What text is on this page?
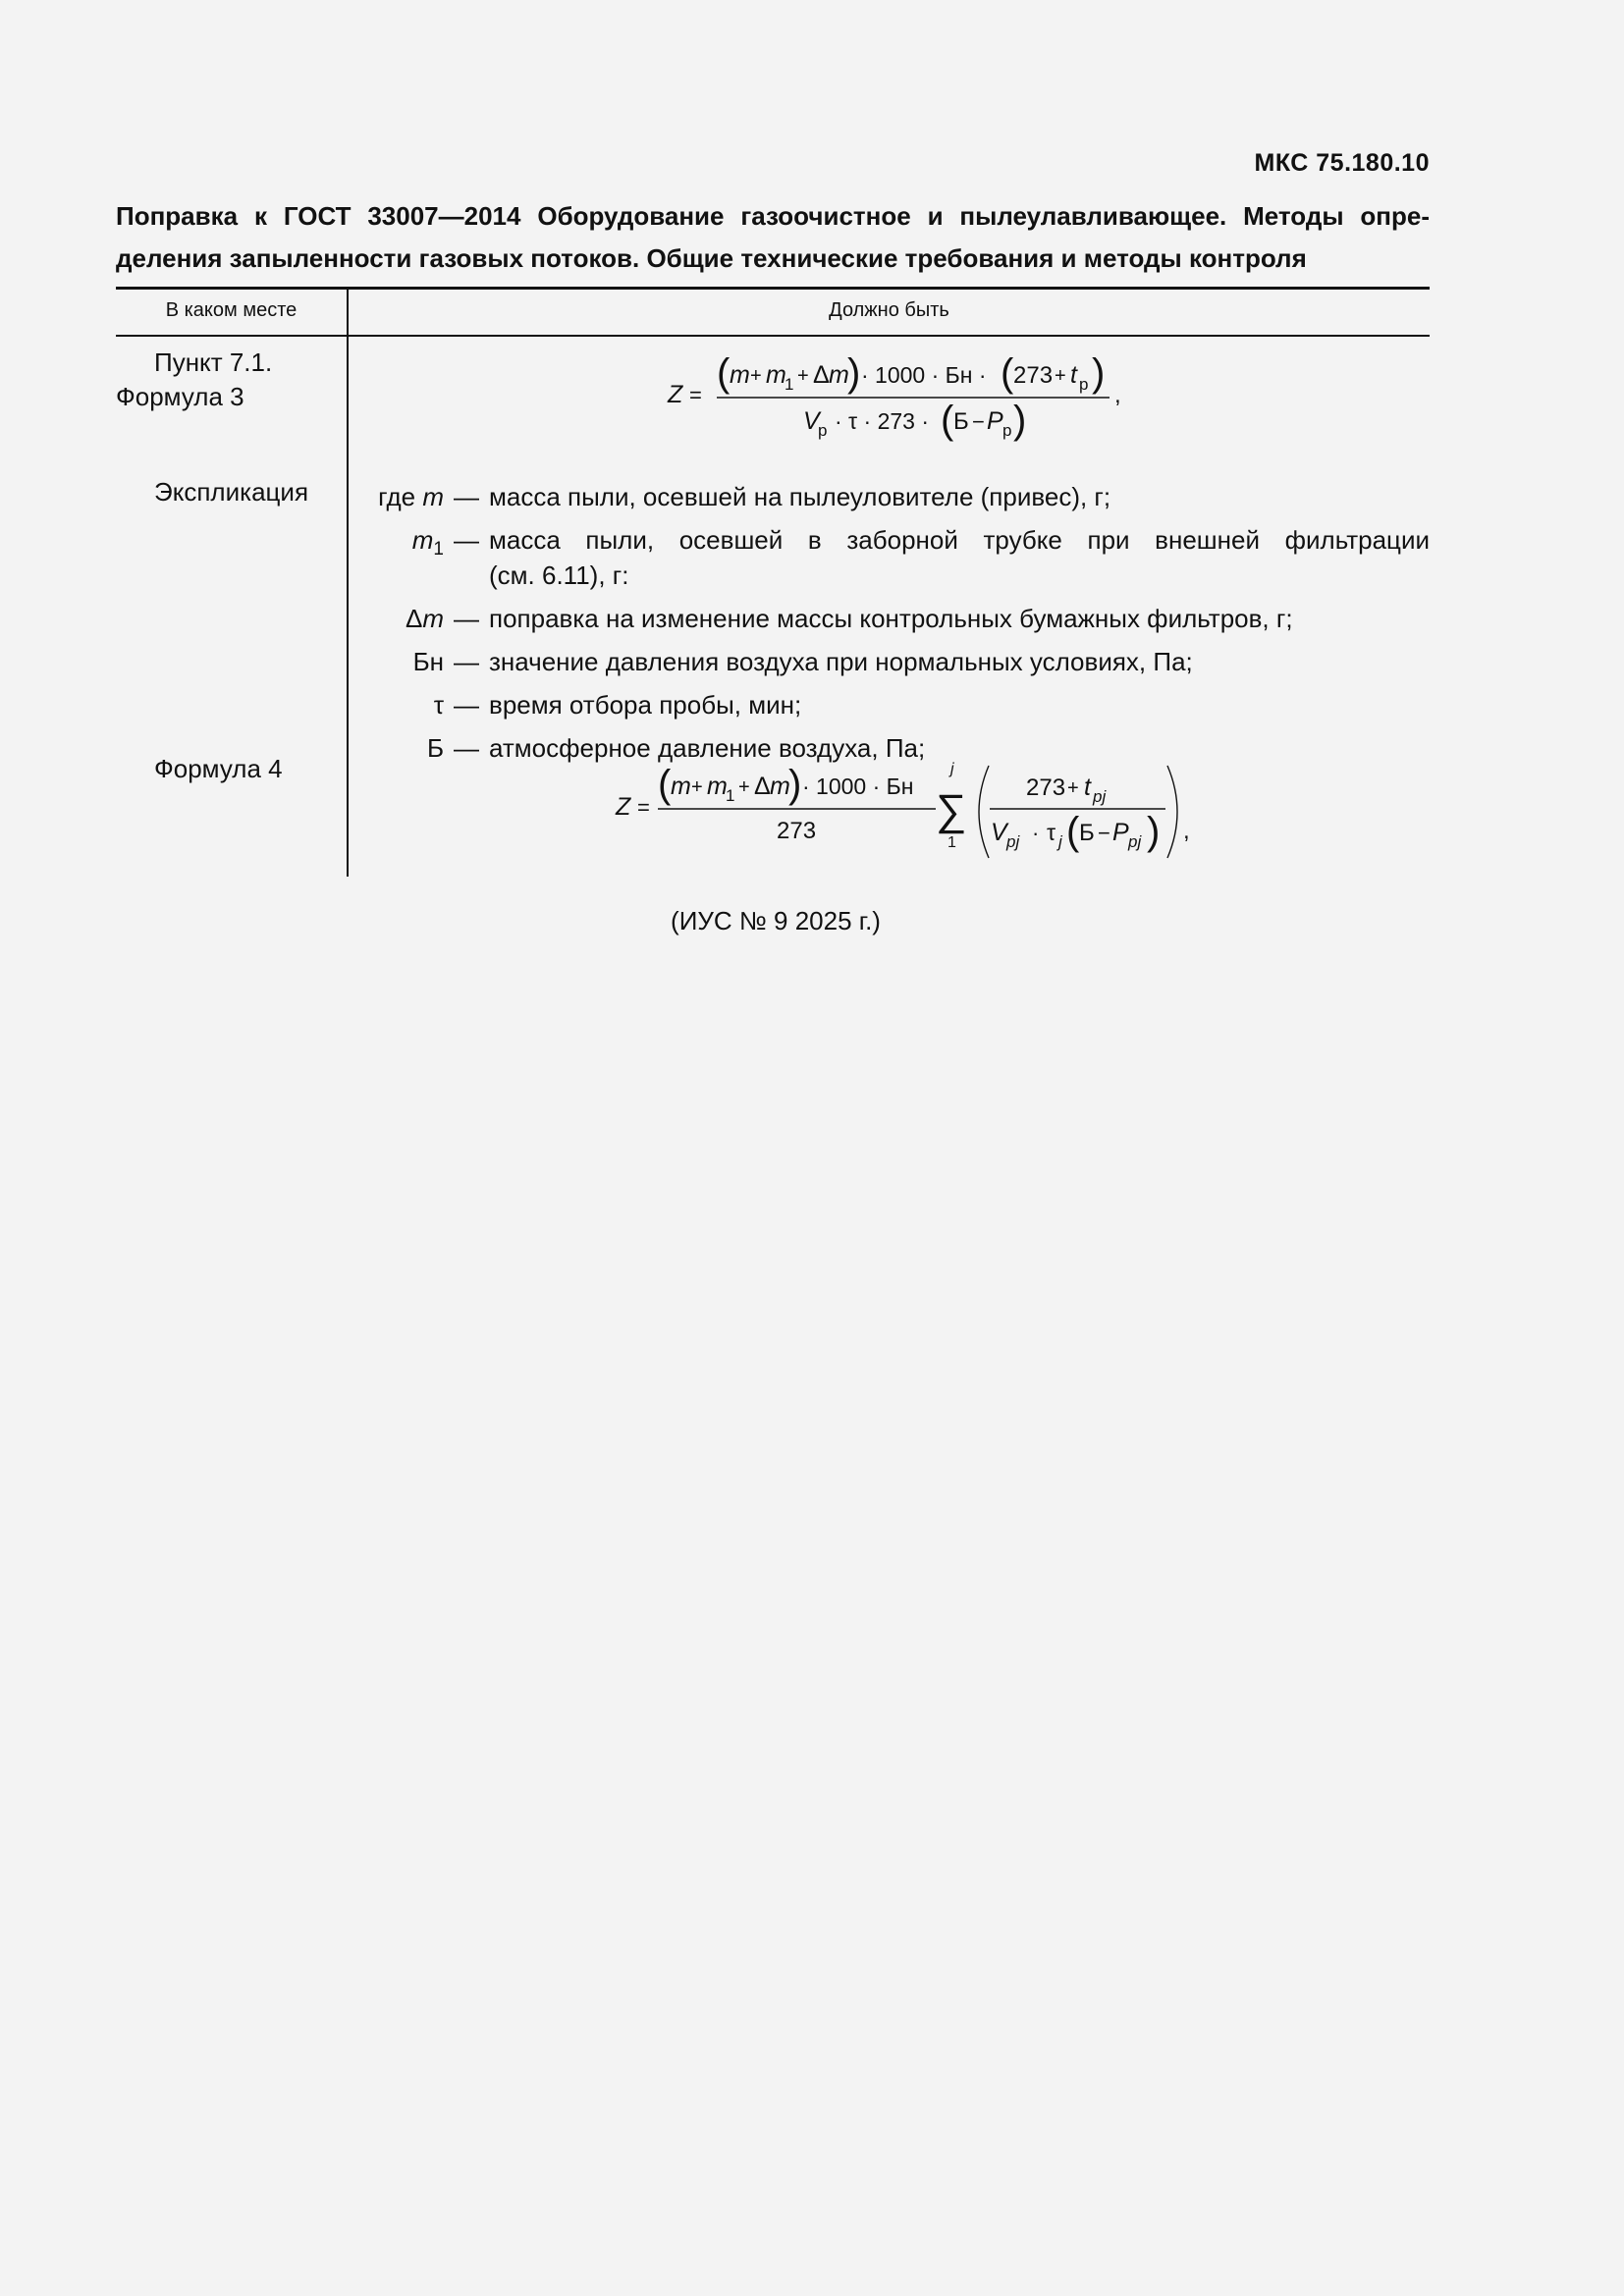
МКС 75.180.10
Поправка к ГОСТ 33007—2014 Оборудование газоочистное и пылеулавливающее. Методы опре-
деления запыленности газовых потоков. Общие технические требования и методы контроля
В каком месте	Должно быть
Пункт 7.1.
Формула 3
Экспликация
Формула 4
Z =
( m + m
1 + Δ m
) · 1000 · Бн · ( 273 + t p )
V
p · τ · 273 · ( Б − P p )
,
где m — масса пыли, осевшей на пылеуловителе (привес), г;
$m_1$ — масса пыли, осевшей в заборной трубке при внешней фильтрации
(см. 6.11), г:
Δm — поправка на изменение массы контрольных бумажных фильтров, г;
Бн — значение давления воздуха при нормальных условиях, Па;
τ — время отбора пробы, мин;
Б — атмосферное давление воздуха, Па;
Z =
( m + m
1 + Δ m
) · 1000 · Бн
273	∑
j
1
273 + t pj
V pj · τ j ( Б − P pj ) ,
(ИУС № 9 2025 г.)
